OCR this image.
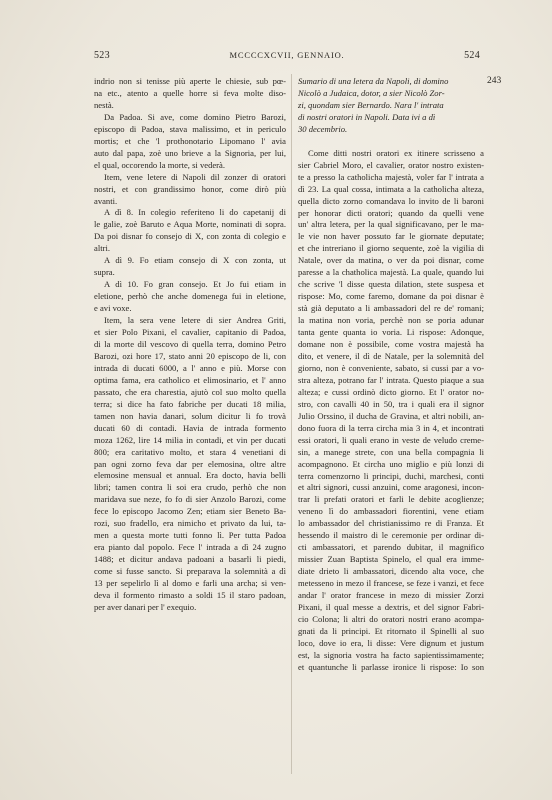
523	MCCCCXCVII, GENNAIO.	524
indrio non si tenisse più aperte le chiesie, sub pœ-
na etc., atento a quelle horre si feva molte diso-
nestà.
Da Padoa. Si ave, come domino Pietro Barozi,
episcopo di Padoa, stava malissimo, et in periculo
mortis; et che 'l prothonotario Lipomano l' avia
auto dal papa, zoè uno brieve a la Signoria, per lui,
el qual, occorendo la morte, si vederà.
Item, vene letere di Napoli dil zonzer di oratori
nostri, et con grandissimo honor, come dirò più
avanti.
A dì 8. In colegio referiteno li do capetanij di
le galie, zoè Baruto e Aqua Morte, nominati di sopra.
Da poi disnar fo consejo di X, con zonta di colegio e
altri.
A dì 9. Fo etiam consejo di X con zonta, ut
supra.
A dì 10. Fo gran consejo. Et Jo fui etiam in
eletione, perhò che anche domenega fui in eletione,
e avi voxe.
Item, la sera vene letere di sier Andrea Griti,
et sier Polo Pixani, el cavalier, capitanio di Padoa,
di la morte dil vescovo di quella terra, domino Petro
Barozi, ozi hore 17, stato anni 20 episcopo de li, con
intrada di ducati 6000, a l' anno e più. Morse con
optima fama, era catholico et elimosinario, et l' anno
passato, che era charestia, ajutò col suo molto quella
terra; si dice ha fato fabriche per ducati 18 milia,
tamen non havia danari, solum dicitur li fo trovà
ducati 60 di contadi. Havia de intrada formento
moza 1262, lire 14 milia in contadi, et vin per ducati
800; era caritativo molto, et stara 4 venetiani di
pan ogni zorno feva dar per elemosina, oltre altre
elemosine mensual et annual. Era docto, havia belli
libri; tamen contra li soi era crudo, perhò che non
maridava sue neze, fo fo di sier Anzolo Barozi, come
fece lo episcopo Jacomo Zen; etiam sier Beneto Ba-
rozi, suo fradello, era nimicho et privato da lui, ta-
men a questa morte tutti fonno lì. Per tutta Padoa
era pianto dal popolo. Fece l' intrada a dì 24 zugno
1488; et dicitur andava padoani a basarli li piedi,
come si fusse sancto. Si preparava la solemnità a dì
13 per sepelirlo lì al domo e farli una archa; si ven-
deva il formento rimasto a soldi 15 il staro padoan,
per aver danari per l' exequio.
Sumario di una letera da Napoli, di domino
Nicolò a Judaica, dotor, a sier Nicolò Zor-
zi, quondam sier Bernardo. Nara l' intrata
di nostri oratori in Napoli. Data ivi a dì
30 decembrio.
Come ditti nostri oratori ex itinere scrisseno a
sier Cabriel Moro, el cavalier, orator nostro existen-
te a presso la catholicha majestà, voler far l' intrata a
dì 23. La qual cossa, intimata a la catholicha alteza,
quella dicto zorno comandava lo invito de li baroni
per honorar dicti oratori; quando da quelli vene
un' altra letera, per la qual significavano, per le ma-
le vie non haver possuto far le giornate deputate;
et che intreriano il giorno sequente, zoè la vigilia di
Natale, over da matina, o ver da poi disnar, come
paresse a la chatholica majestà. La quale, quando lui
che scrive 'l disse questa dilation, stete suspesa et
rispose: Mo, come faremo, domane da poi disnar è
stà già deputato a li ambassadori del re de' romani;
la matina non voria, perchè non se poria adunar
tanta gente quanta io voria. Li rispose: Adonque,
domane non è possibile, come vostra majestà ha
dito, et venere, il dì de Natale, per la solemnità del
giorno, non è conveniente, sabato, si cussi par a vo-
stra alteza, potrano far l' intrata. Questo piaque a sua
alteza; e cussi ordinò dicto giorno. Et l' orator no-
stro, con cavalli 40 in 50, tra i quali era il signor
Julio Orssino, il ducha de Gravina, et altri nobili, an-
dono fuora di la terra circha mia 3 in 4, et incontrati
essi oratori, li quali erano in veste de veludo creme-
sin, a manege strete, con una bella compagnia li
acompagnono. Et circha uno miglio e più lonzi di
terra comenzorno li principi, duchi, marchesi, conti
et altri signori, cussi anzuini, come aragonesi, incon-
trar li prefati oratori et farli le debite acoglienze;
veneno lì do ambassadori fiorentini, vene etiam
lo ambassador del christianissimo re di Franza. Et
hessendo il maistro di le ceremonie per ordinar di-
cti ambassatori, et parendo dubitar, il magnifico
missier Zuan Baptista Spinelo, el qual era imme-
diate drieto li ambassatori, dicendo alta voce, che
metesseno in mezo il francese, se feze i vanzi, et fece
andar l' orator francese in mezo di missier Zorzi
Pixani, il qual messe a dextris, et del signor Fabri-
cio Colona; li altri do oratori nostri erano acompa-
gnati da li principi. Et ritornato il Spinelli al suo
loco, dove io era, li disse: Vere dignum et justum
est, la signoria vostra ha facto sapientissimamente;
et quantunche li parlasse ironice li rispose: Io son
243
